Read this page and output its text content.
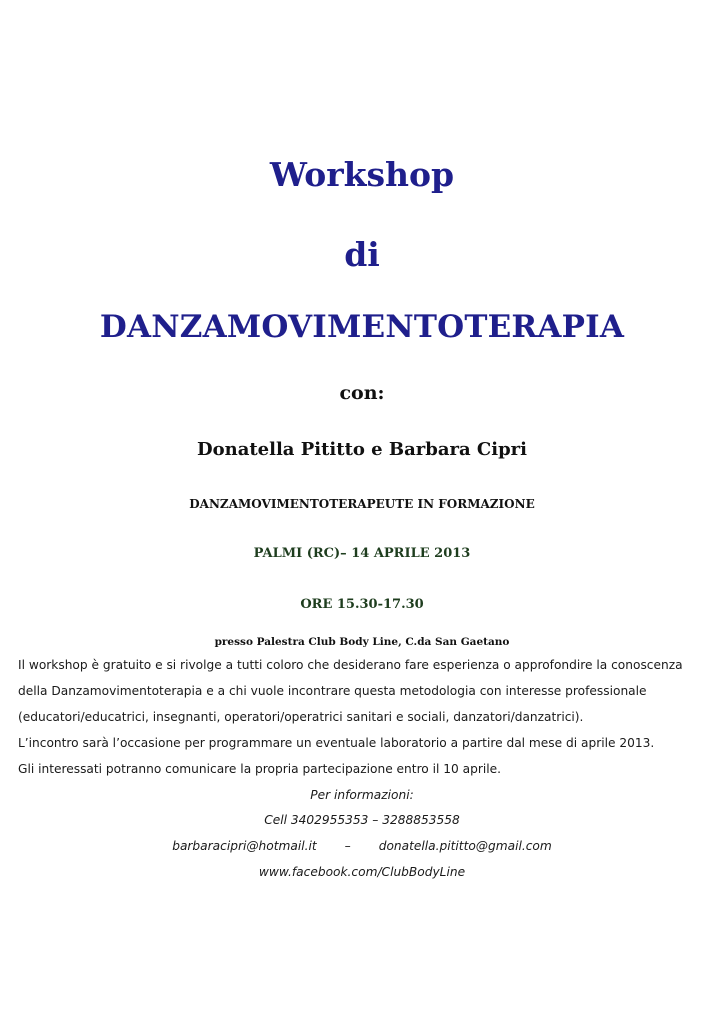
Workshop
di
DANZAMOVIMENTOTERAPIA

con:

Donatella Pititto e Barbara Cipri

DANZAMOVIMENTOTERAPEUTE IN FORMAZIONE

PALMI (RC)– 14 APRILE 2013

ORE 15.30-17.30

presso Palestra Club Body Line, C.da San Gaetano

Il workshop è gratuito e si rivolge a tutti coloro che desiderano fare esperienza o approfondire la conoscenza

della Danzamovimentoterapia e a chi vuole incontrare questa metodologia con interesse professionale

(educatori/educatrici, insegnanti, operatori/operatrici sanitari e sociali, danzatori/danzatrici).

L’incontro sarà l’occasione per programmare un eventuale laboratorio a partire dal mese di aprile 2013.

Gli interessati potranno comunicare la propria partecipazione entro il 10 aprile.

Per informazioni:

Cell 3402955353 – 3288853558

barbaracipri@hotmail.it – donatella.pititto@gmail.com

www.facebook.com/ClubBodyLine
